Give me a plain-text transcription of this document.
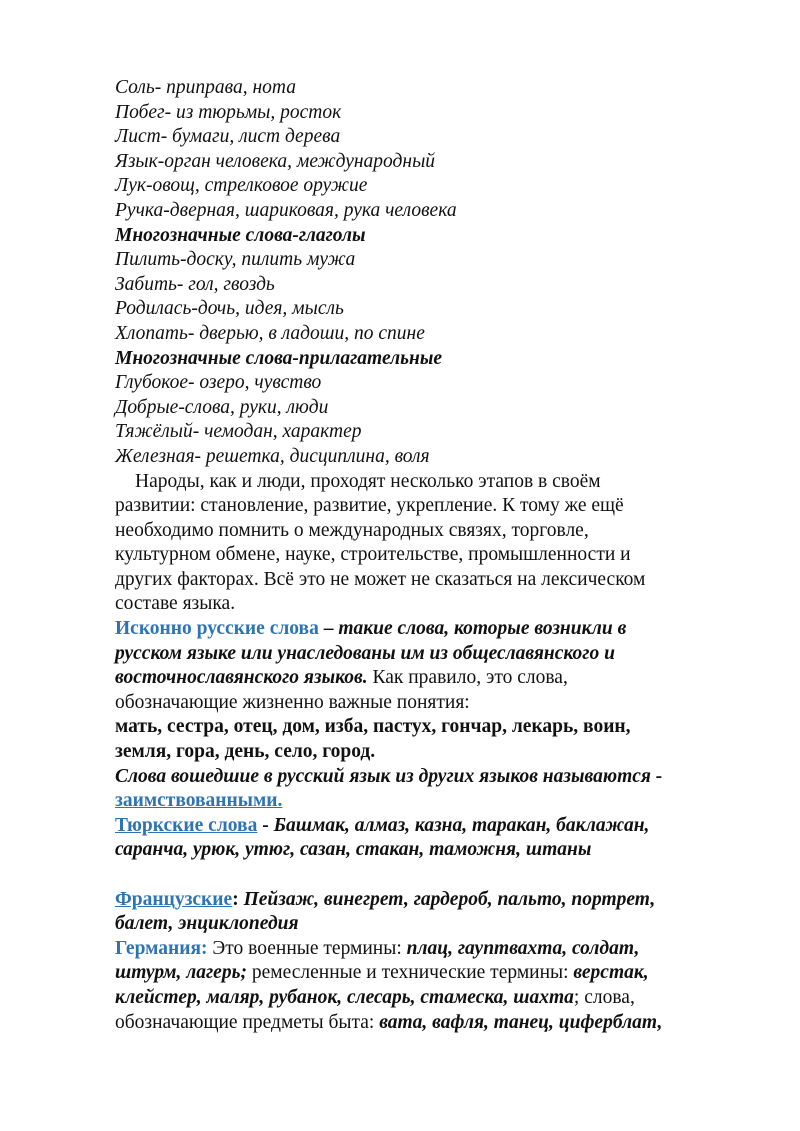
Соль- приправа, нота
Побег- из тюрьмы, росток
Лист- бумаги, лист дерева
Язык-орган человека, международный
Лук-овощ, стрелковое оружие
Ручка-дверная, шариковая, рука человека
Многозначные слова-глаголы
Пилить-доску, пилить мужа
Забить- гол, гвоздь
Родилась-дочь, идея, мысль
Хлопать- дверью, в ладоши, по спине
Многозначные слова-прилагательные
Глубокое- озеро, чувство
Добрые-слова, руки, люди
Тяжёлый- чемодан, характер
Железная- решетка, дисциплина, воля
Народы, как и люди, проходят несколько этапов в своём
развитии: становление, развитие, укрепление. К тому же ещё
необходимо помнить о международных связях, торговле,
культурном обмене, науке, строительстве, промышленности и
других факторах. Всё это не может не сказаться на лексическом
составе языка.
Исконно русские слова – такие слова, которые возникли в
русском языке или унаследованы им из общеславянского и
восточнославянского языков. Как правило, это слова,
обозначающие жизненно важные понятия:
мать, сестра, отец, дом, изба, пастух, гончар, лекарь, воин,
земля, гора, день, село, город.
Слова вошедшие в русский язык из других языков называются -
заимствованными.
Тюркские слова - Башмак, алмаз, казна, таракан, баклажан,
саранча, урюк, утюг, сазан, стакан, таможня, штаны
Французские: Пейзаж, винегрет, гардероб, пальто, портрет,
балет, энциклопедия
Германия: Это военные термины: плац, гауптвахта, солдат,
штурм, лагерь; ремесленные и технические термины: верстак,
клейстер, маляр, рубанок, слесарь, стамеска, шахта; слова,
обозначающие предметы быта: вата, вафля, танец, циферблат,
